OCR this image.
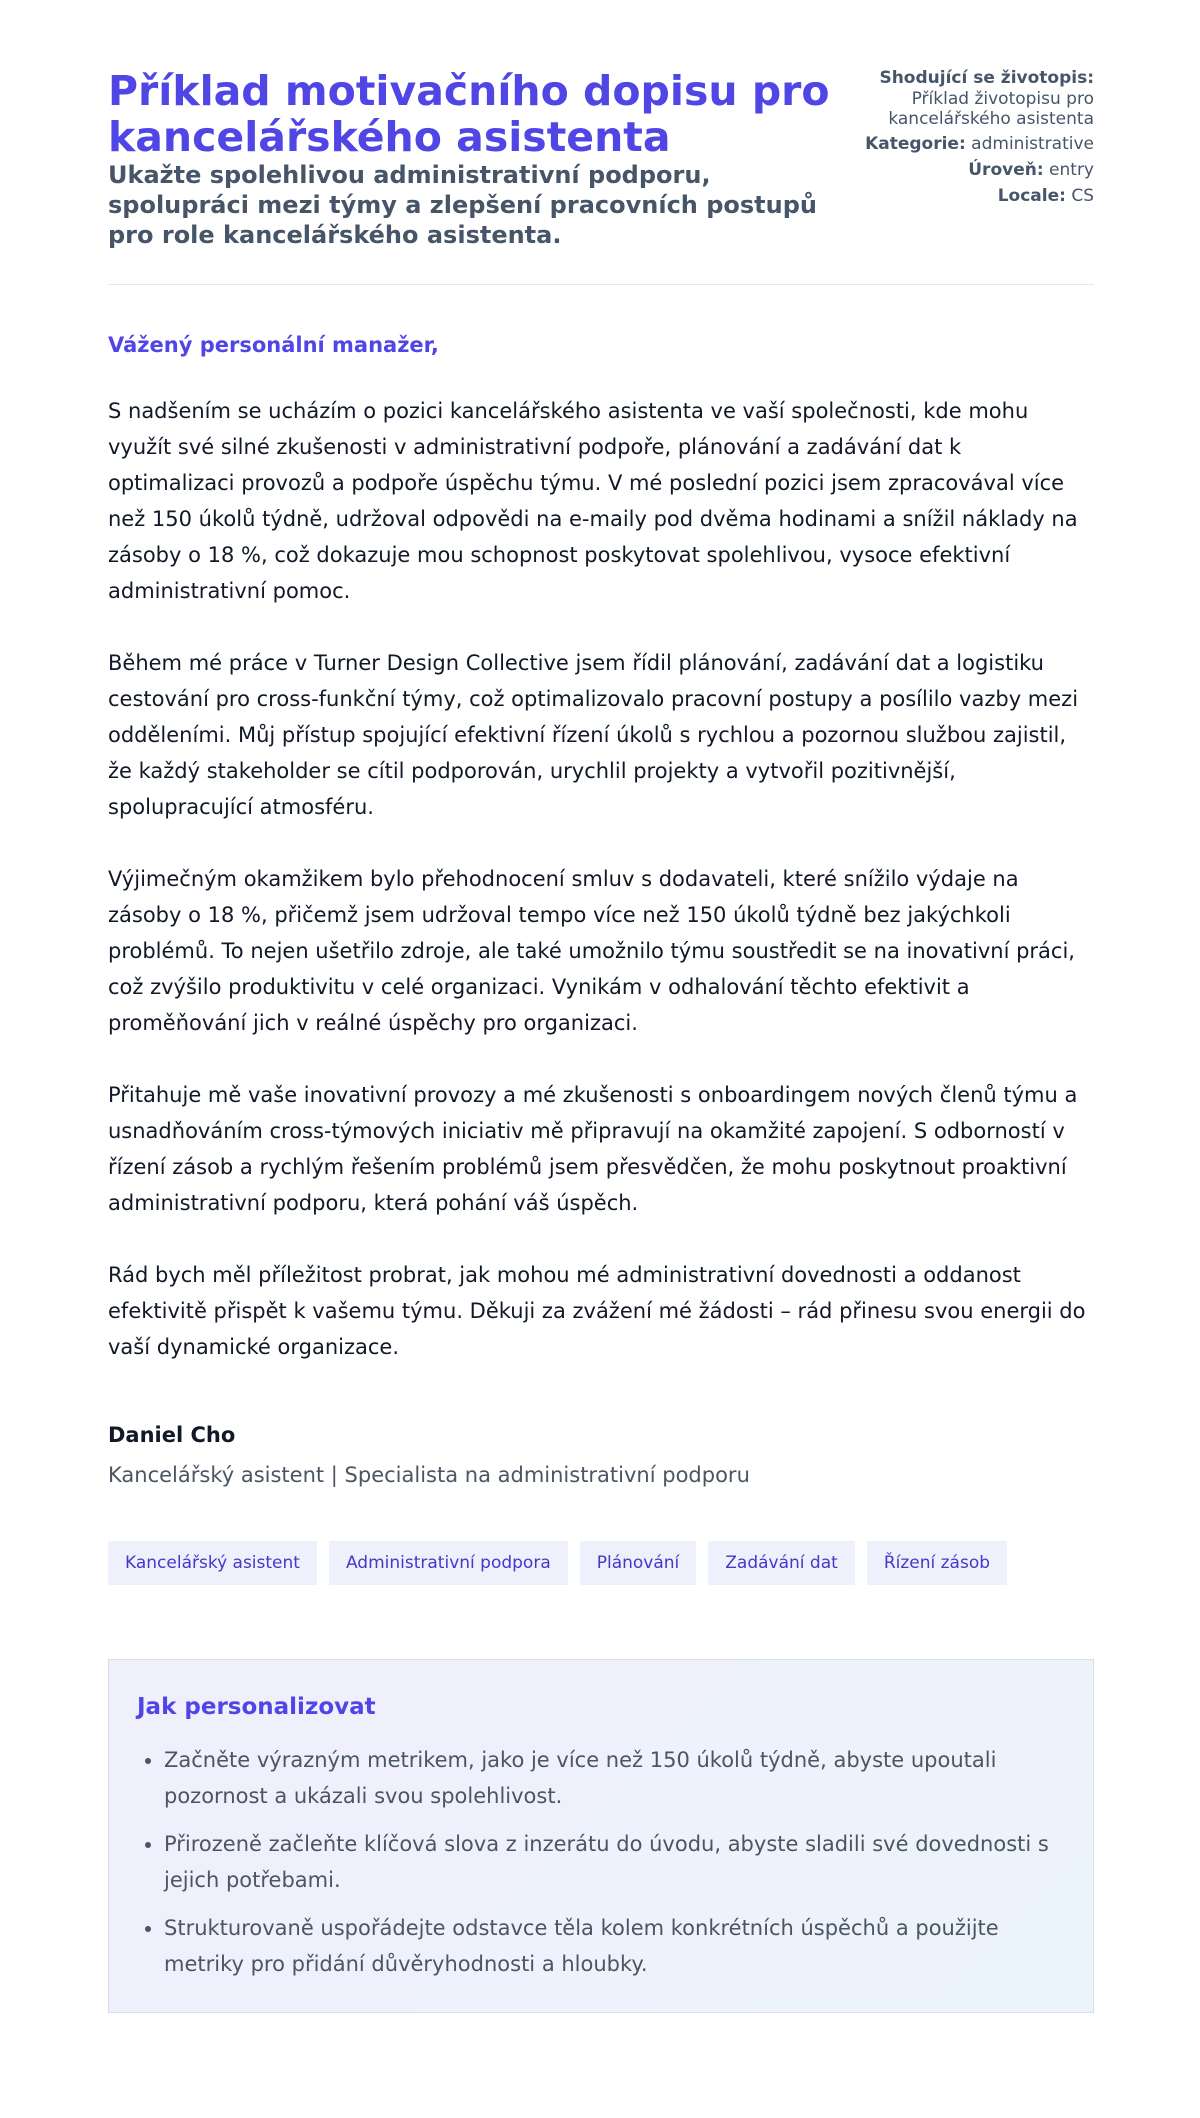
Příklad motivačního dopisu pro kancelářského asistenta

Ukažte spolehlivou administrativní podporu, spolupráci mezi týmy a zlepšení pracovních postupů pro role kancelářského asistenta.

Shodující se životopis:
Příklad životopisu pro kancelářského asistenta
Kategorie: administrative
Úroveň: entry
Locale: CS
Vážený personální manažer,

S nadšením se ucházím o pozici kancelářského asistenta ve vaší společnosti, kde mohu využít své silné zkušenosti v administrativní podpoře, plánování a zadávání dat k optimalizaci provozů a podpoře úspěchu týmu. V mé poslední pozici jsem zpracovával více než 150 úkolů týdně, udržoval odpovědi na e-maily pod dvěma hodinami a snížil náklady na zásoby o 18 %, což dokazuje mou schopnost poskytovat spolehlivou, vysoce efektivní administrativní pomoc.

Během mé práce v Turner Design Collective jsem řídil plánování, zadávání dat a logistiku cestování pro cross-funkční týmy, což optimalizovalo pracovní postupy a posílilo vazby mezi odděleními. Můj přístup spojující efektivní řízení úkolů s rychlou a pozornou službou zajistil, že každý stakeholder se cítil podporován, urychlil projekty a vytvořil pozitivnější, spolupracující atmosféru.

Výjimečným okamžikem bylo přehodnocení smluv s dodavateli, které snížilo výdaje na zásoby o 18 %, přičemž jsem udržoval tempo více než 150 úkolů týdně bez jakýchkoli problémů. To nejen ušetřilo zdroje, ale také umožnilo týmu soustředit se na inovativní práci, což zvýšilo produktivitu v celé organizaci. Vynikám v odhalování těchto efektivit a proměňování jich v reálné úspěchy pro organizaci.

Přitahuje mě vaše inovativní provozy a mé zkušenosti s onboardingem nových členů týmu a usnadňováním cross-týmových iniciativ mě připravují na okamžité zapojení. S odborností v řízení zásob a rychlým řešením problémů jsem přesvědčen, že mohu poskytnout proaktivní administrativní podporu, která pohání váš úspěch.

Rád bych měl příležitost probrat, jak mohou mé administrativní dovednosti a oddanost efektivitě přispět k vašemu týmu. Děkuji za zvážení mé žádosti – rád přinesu svou energii do vaší dynamické organizace.

Daniel Cho
Kancelářský asistent | Specialista na administrativní podporu
Kancelářský asistent	Administrativní podpora	Plánování	Zadávání dat	Řízení zásob
Jak personalizovat
• Začněte výrazným metrikem, jako je více než 150 úkolů týdně, abyste upoutali pozornost a ukázali svou spolehlivost.
• Přirozeně začleňte klíčová slova z inzerátu do úvodu, abyste sladili své dovednosti s jejich potřebami.
• Strukturovaně uspořádejte odstavce těla kolem konkrétních úspěchů a použijte metriky pro přidání důvěryhodnosti a hloubky.
